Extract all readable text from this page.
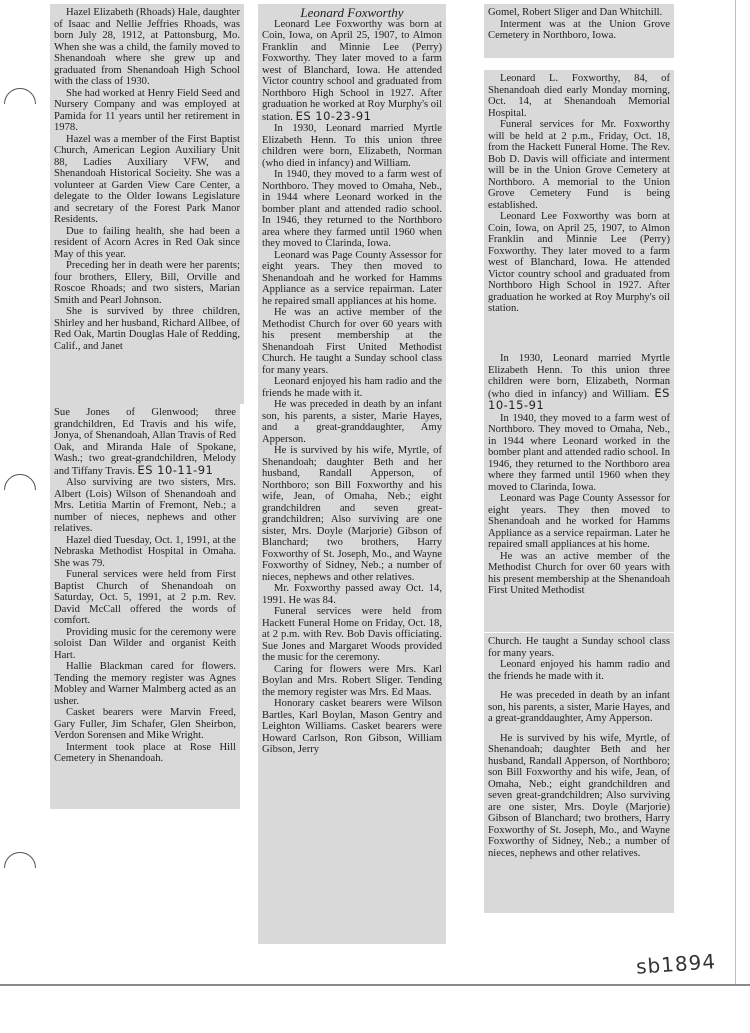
Hazel Elizabeth (Rhoads) Hale, daughter of Isaac and Nellie Jeffries Rhoads, was born July 28, 1912, at Pattonsburg, Mo. When she was a child, the family moved to Shenandoah where she grew up and graduated from Shenandoah High School with the class of 1930.

She had worked at Henry Field Seed and Nursery Company and was employed at Pamida for 11 years until her retirement in 1978.

Hazel was a member of the First Baptist Church, American Legion Auxiliary Unit 88, Ladies Auxiliary VFW, and Shenandoah Historical Socieity. She was a volunteer at Garden View Care Center, a delegate to the Older Iowans Legislature and secretary of the Forest Park Manor Residents.

Due to failing health, she had been a resident of Acorn Acres in Red Oak since May of this year.

Preceding her in death were her parents; four brothers, Ellery, Bill, Orville and Roscoe Rhoads; and two sisters, Marian Smith and Pearl Johnson.

She is survived by three children, Shirley and her husband, Richard Allbee, of Red Oak, Martin Douglas Hale of Redding, Calif., and Janet

Sue Jones of Glenwood; three grandchildren, Ed Travis and his wife, Jonya, of Shenandoah, Allan Travis of Red Oak, and Miranda Hale of Spokane, Wash.; two great-grandchildren, Melody and Tiffany Travis. ES 10-11-91

Also surviving are two sisters, Mrs. Albert (Lois) Wilson of Shenandoah and Mrs. Letitia Martin of Fremont, Neb.; a number of nieces, nephews and other relatives.

Hazel died Tuesday, Oct. 1, 1991, at the Nebraska Methodist Hospital in Omaha. She was 79.

Funeral services were held from First Baptist Church of Shenandoah on Saturday, Oct. 5, 1991, at 2 p.m. Rev. David McCall offered the words of comfort.

Providing music for the ceremony were soloist Dan Wilder and organist Keith Hart.

Hallie Blackman cared for flowers. Tending the memory register was Agnes Mobley and Warner Malmberg acted as an usher.

Casket bearers were Marvin Freed, Gary Fuller, Jim Schafer, Glen Sheirbon, Verdon Sorensen and Mike Wright.

Interment took place at Rose Hill Cemetery in Shenandoah.

Leonard Foxworthy

Leonard Lee Foxworthy was born at Coin, Iowa, on April 25, 1907, to Almon Franklin and Minnie Lee (Perry) Foxworthy. They later moved to a farm west of Blanchard, Iowa. He attended Victor country school and graduated from Northboro High School in 1927. After graduation he worked at Roy Murphy's oil station. ES 10-23-91

In 1930, Leonard married Myrtle Elizabeth Henn. To this union three children were born, Elizabeth, Norman (who died in infancy) and William.

In 1940, they moved to a farm west of Northboro. They moved to Omaha, Neb., in 1944 where Leonard worked in the bomber plant and attended radio school. In 1946, they returned to the Northboro area where they farmed until 1960 when they moved to Clarinda, Iowa.

Leonard was Page County Assessor for eight years. They then moved to Shenandoah and he worked for Hamms Appliance as a service repairman. Later he repaired small appliances at his home.

He was an active member of the Methodist Church for over 60 years with his present membership at the Shenandoah First United Methodist Church. He taught a Sunday school class for many years.

Leonard enjoyed his ham radio and the friends he made with it.

He was preceded in death by an infant son, his parents, a sister, Marie Hayes, and a great-granddaughter, Amy Apperson.

He is survived by his wife, Myrtle, of Shenandoah; daughter Beth and her husband, Randall Apperson, of Northboro; son Bill Foxworthy and his wife, Jean, of Omaha, Neb.; eight grandchildren and seven great-grandchildren; Also surviving are one sister, Mrs. Doyle (Marjorie) Gibson of Blanchard; two brothers, Harry Foxworthy of St. Joseph, Mo., and Wayne Foxworthy of Sidney, Neb.; a number of nieces, nephews and other relatives.

Mr. Foxworthy passed away Oct. 14, 1991. He was 84.

Funeral services were held from Hackett Funeral Home on Friday, Oct. 18, at 2 p.m. with Rev. Bob Davis officiating. Sue Jones and Margaret Woods provided the music for the ceremony.

Caring for flowers were Mrs. Karl Boylan and Mrs. Robert Sliger. Tending the memory register was Mrs. Ed Maas.

Honorary casket bearers were Wilson Bartles, Karl Boylan, Mason Gentry and Leighton Williams. Casket bearers were Howard Carlson, Ron Gibson, William Gibson, Jerry

Gomel, Robert Sliger and Dan Whitchill.

Interment was at the Union Grove Cemetery in Northboro, Iowa.

Leonard L. Foxworthy, 84, of Shenandoah died early Monday morning, Oct. 14, at Shenandoah Memorial Hospital.

Funeral services for Mr. Foxworthy will be held at 2 p.m., Friday, Oct. 18, from the Hackett Funeral Home. The Rev. Bob D. Davis will officiate and interment will be in the Union Grove Cemetery at Northboro. A memorial to the Union Grove Cemetery Fund is being established.

Leonard Lee Foxworthy was born at Coin, Iowa, on April 25, 1907, to Almon Franklin and Minnie Lee (Perry) Foxworthy. They later moved to a farm west of Blanchard, Iowa. He attended Victor country school and graduated from Northboro High School in 1927. After graduation he worked at Roy Murphy's oil station.

In 1930, Leonard married Myrtle Elizabeth Henn. To this union three children were born, Elizabeth, Norman (who died in infancy) and William. ES 10-15-91

In 1940, they moved to a farm west of Northboro. They moved to Omaha, Neb., in 1944 where Leonard worked in the bomber plant and attended radio school. In 1946, they returned to the Northboro area where they farmed until 1960 when they moved to Clarinda, Iowa.

Leonard was Page County Assessor for eight years. They then moved to Shenandoah and he worked for Hamms Appliance as a service repairman. Later he repaired small appliances at his home.

He was an active member of the Methodist Church for over 60 years with his present membership at the Shenandoah First United Methodist

Church. He taught a Sunday school class for many years.

Leonard enjoyed his hamm radio and the friends he made with it.

He was preceded in death by an infant son, his parents, a sister, Marie Hayes, and a great-granddaughter, Amy Apperson.

He is survived by his wife, Myrtle, of Shenandoah; daughter Beth and her husband, Randall Apperson, of Northboro; son Bill Foxworthy and his wife, Jean, of Omaha, Neb.; eight grandchildren and seven great-grandchildren; Also surviving are one sister, Mrs. Doyle (Marjorie) Gibson of Blanchard; two brothers, Harry Foxworthy of St. Joseph, Mo., and Wayne Foxworthy of Sidney, Neb.; a number of nieces, nephews and other relatives.

sb1894
